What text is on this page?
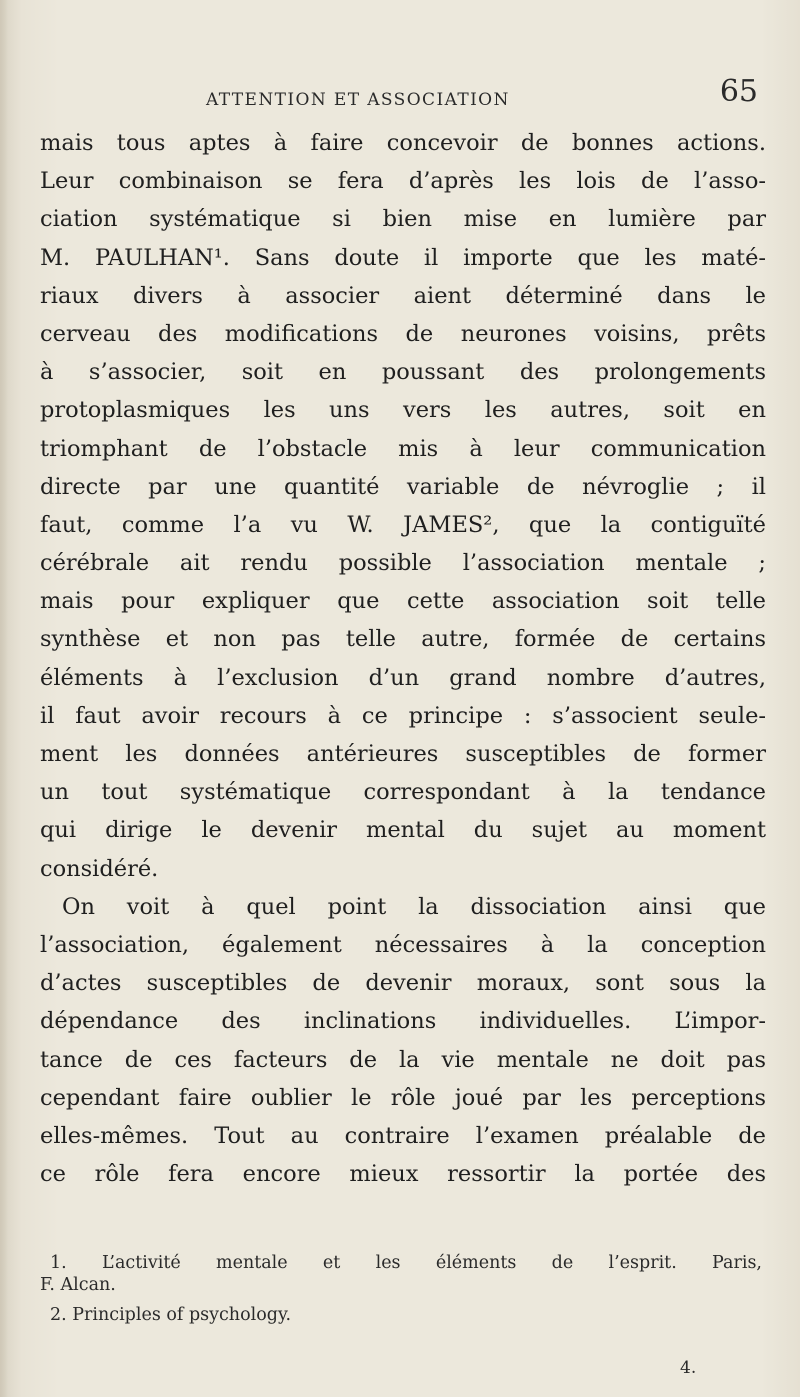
ATTENTION ET ASSOCIATION	65
mais tous aptes à faire concevoir de bonnes actions.
Leur combinaison se fera d’après les lois de l’asso-
ciation systématique si bien mise en lumière par
M. PAULHAN¹. Sans doute il importe que les maté-
riaux divers à associer aient déterminé dans le
cerveau des modifications de neurones voisins, prêts
à s’associer, soit en poussant des prolongements
protoplasmiques les uns vers les autres, soit en
triomphant de l’obstacle mis à leur communication
directe par une quantité variable de névroglie ; il
faut, comme l’a vu W. JAMES², que la contiguïté
cérébrale ait rendu possible l’association mentale ;
mais pour expliquer que cette association soit telle
synthèse et non pas telle autre, formée de certains
éléments à l’exclusion d’un grand nombre d’autres,
il faut avoir recours à ce principe : s’associent seule-
ment les données antérieures susceptibles de former
un tout systématique correspondant à la tendance
qui dirige le devenir mental du sujet au moment
considéré.
On voit à quel point la dissociation ainsi que
l’association, également nécessaires à la conception
d’actes susceptibles de devenir moraux, sont sous la
dépendance des inclinations individuelles. L’impor-
tance de ces facteurs de la vie mentale ne doit pas
cependant faire oublier le rôle joué par les perceptions
elles-mêmes. Tout au contraire l’examen préalable de
ce rôle fera encore mieux ressortir la portée des
1. L’activité mentale et les éléments de l’esprit. Paris,
F. Alcan.
2. Principles of psychology.
4.
